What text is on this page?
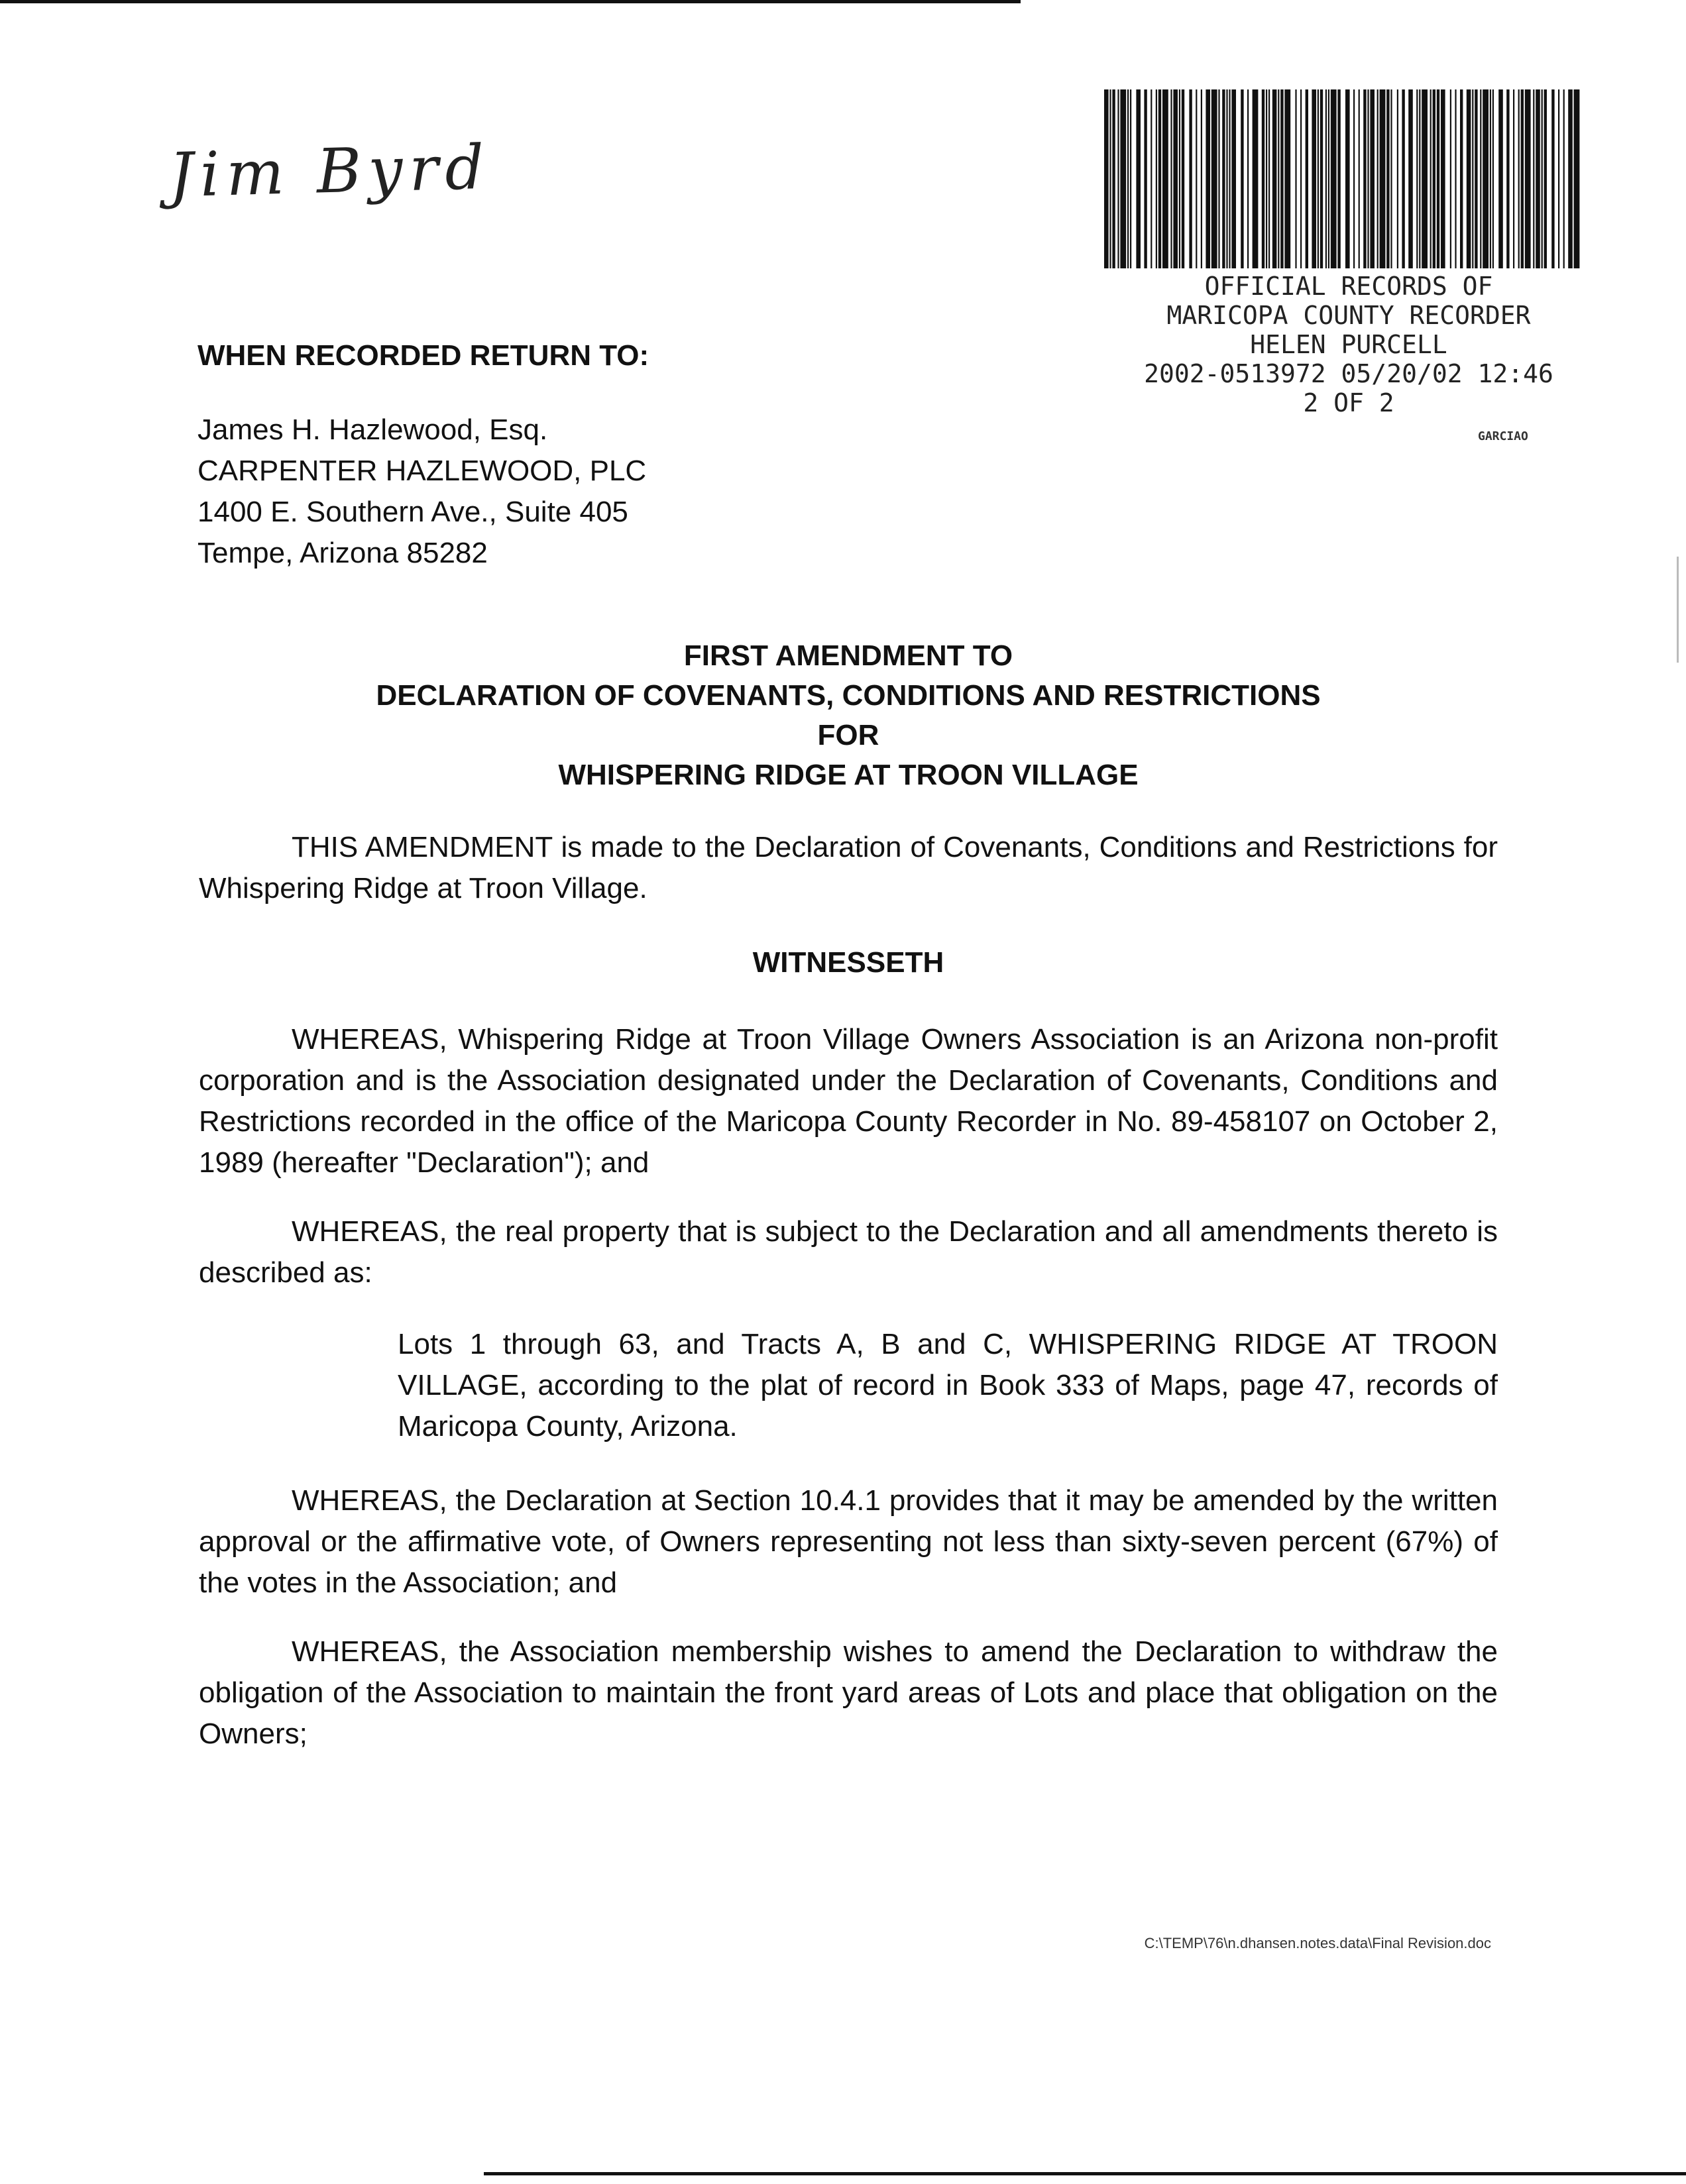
Jim Byrd
OFFICIAL RECORDS OF
MARICOPA COUNTY RECORDER
HELEN PURCELL
2002-0513972 05/20/02 12:46
2 OF 2
GARCIAO
WHEN RECORDED RETURN TO:
James H. Hazlewood, Esq.
CARPENTER HAZLEWOOD, PLC
1400 E. Southern Ave., Suite 405
Tempe, Arizona 85282
FIRST AMENDMENT TO
DECLARATION OF COVENANTS, CONDITIONS AND RESTRICTIONS
FOR
WHISPERING RIDGE AT TROON VILLAGE
THIS AMENDMENT is made to the Declaration of Covenants, Conditions and Restrictions for Whispering Ridge at Troon Village.
WITNESSETH
WHEREAS, Whispering Ridge at Troon Village Owners Association is an Arizona non-profit corporation and is the Association designated under the Declaration of Covenants, Conditions and Restrictions recorded in the office of the Maricopa County Recorder in No. 89-458107 on October 2, 1989 (hereafter "Declaration"); and
WHEREAS, the real property that is subject to the Declaration and all amendments thereto is described as:
Lots 1 through 63, and Tracts A, B and C, WHISPERING RIDGE AT TROON VILLAGE, according to the plat of record in Book 333 of Maps, page 47, records of Maricopa County, Arizona.
WHEREAS, the Declaration at Section 10.4.1 provides that it may be amended by the written approval or the affirmative vote, of Owners representing not less than sixty-seven percent (67%) of the votes in the Association; and
WHEREAS, the Association membership wishes to amend the Declaration to withdraw the obligation of the Association to maintain the front yard areas of Lots and place that obligation on the Owners;
C:\TEMP\76\n.dhansen.notes.data\Final Revision.doc
